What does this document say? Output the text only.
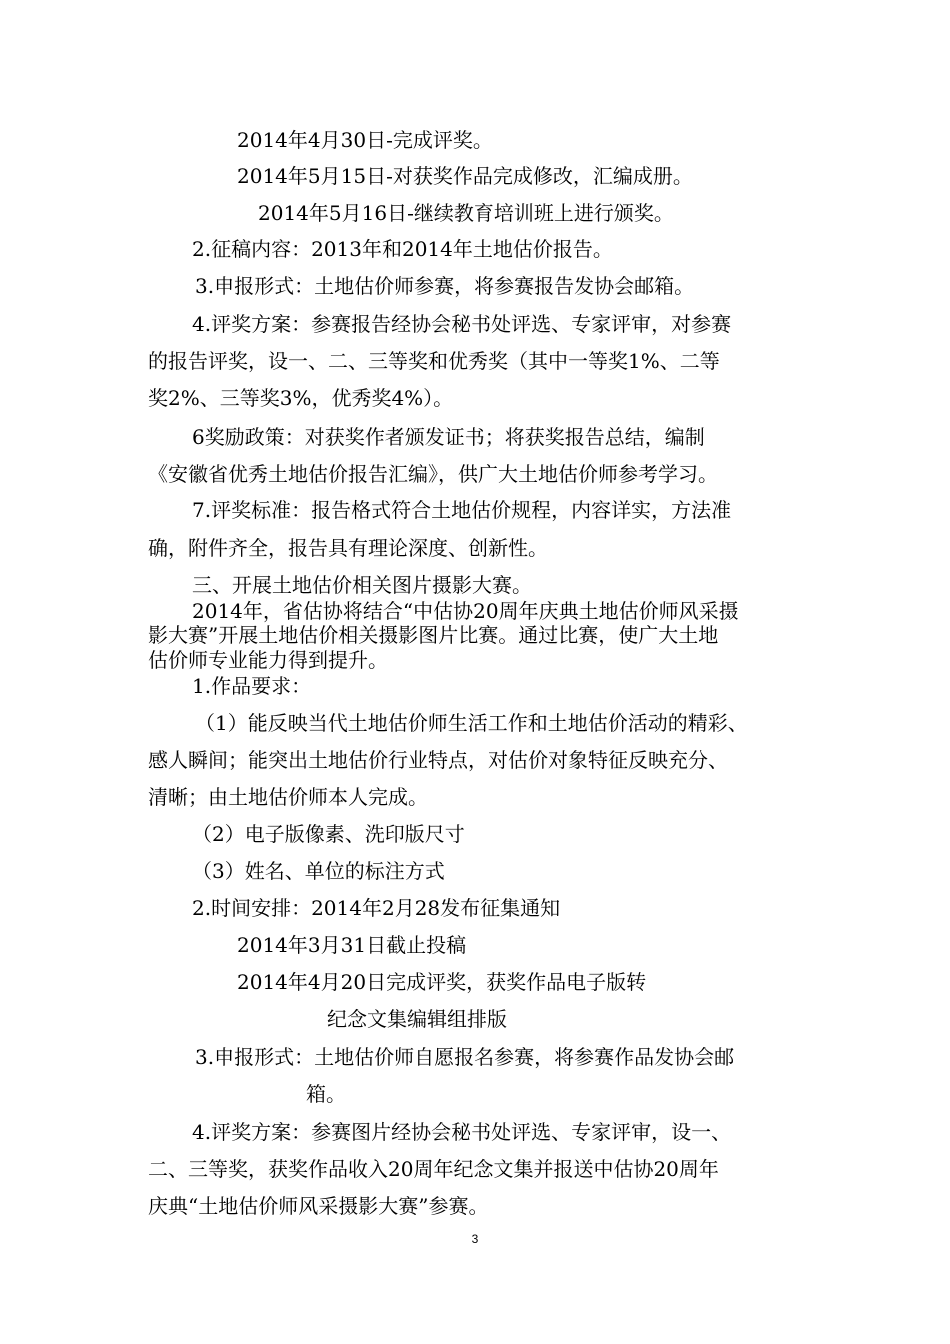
2014年4月30日-完成评奖。
2014年5月15日-对获奖作品完成修改，汇编成册。
2014年5月16日-继续教育培训班上进行颁奖。
2.征稿内容：2013年和2014年土地估价报告。
3.申报形式：土地估价师参赛，将参赛报告发协会邮箱。
4.评奖方案：参赛报告经协会秘书处评选、专家评审，对参赛
的报告评奖，设一、二、三等奖和优秀奖（其中一等奖1%、二等
奖2%、三等奖3%，优秀奖4%）。
6奖励政策：对获奖作者颁发证书；将获奖报告总结，编制
《安徽省优秀土地估价报告汇编》，供广大土地估价师参考学习。
7.评奖标准：报告格式符合土地估价规程，内容详实，方法准
确，附件齐全，报告具有理论深度、创新性。
三、开展土地估价相关图片摄影大赛。
2014年，省估协将结合“中估协20周年庆典土地估价师风采摄
影大赛”开展土地估价相关摄影图片比赛。通过比赛，使广大土地
估价师专业能力得到提升。
1.作品要求：
（1）能反映当代土地估价师生活工作和土地估价活动的精彩、
感人瞬间；能突出土地估价行业特点，对估价对象特征反映充分、
清晰；由土地估价师本人完成。
（2）电子版像素、洗印版尺寸
（3）姓名、单位的标注方式
2.时间安排：2014年2月28发布征集通知
2014年3月31日截止投稿
2014年4月20日完成评奖，获奖作品电子版转
纪念文集编辑组排版
3.申报形式：土地估价师自愿报名参赛，将参赛作品发协会邮
箱。
4.评奖方案：参赛图片经协会秘书处评选、专家评审，设一、
二、三等奖，获奖作品收入20周年纪念文集并报送中估协20周年
庆典“土地估价师风采摄影大赛”参赛。
3
